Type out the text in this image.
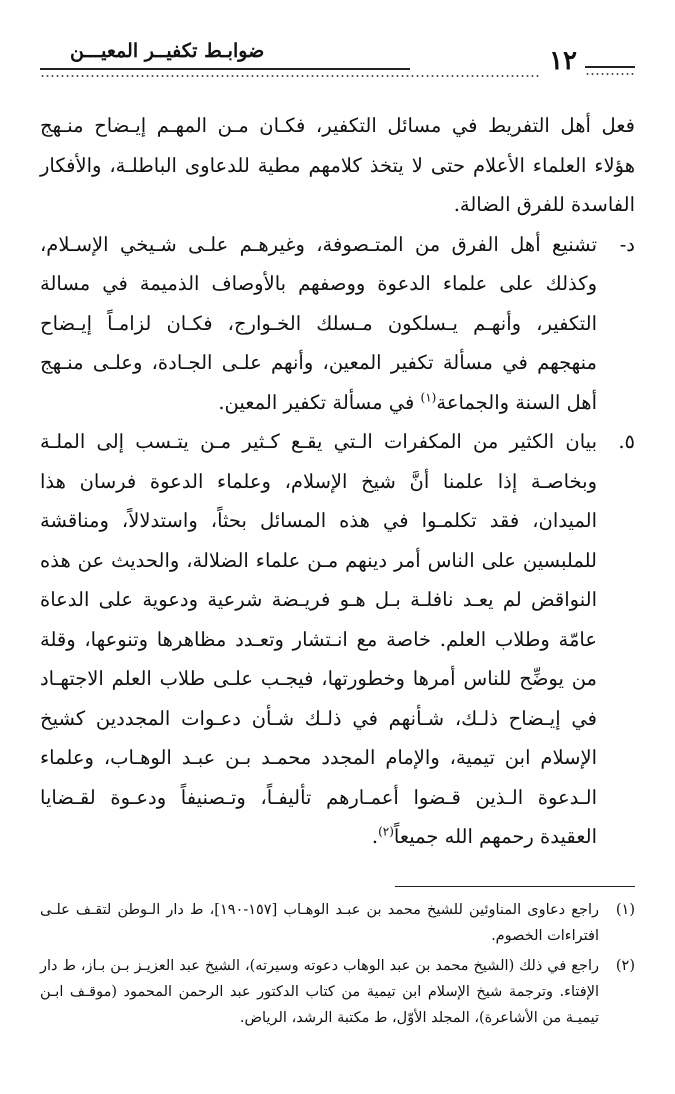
١٢
ضوابـط تكفيــر المعيـــن

فعل أهل التفريط في مسائل التكفير، فكـان مـن المهـم إيـضاح منـهج هؤلاء العلماء الأعلام حتى لا يتخذ كلامهم مطية للدعاوى الباطلـة، والأفكار الفاسدة للفرق الضالة.

د-
تشنيع أهل الفرق من المتـصوفة، وغيرهـم علـى شـيخي الإسـلام، وكذلك على علماء الدعوة ووصفهم بالأوصاف الذميمة في مسالة التكفير، وأنهـم يـسلكون مـسلك الخـوارج، فكـان لزامـاً إيـضاح منهجهم في مسألة تكفير المعين، وأنهم علـى الجـادة، وعلـى منـهج أهل السنة والجماعة$^{(١)}$ في مسألة تكفير المعين.
٥.
بيان الكثير من المكفرات الـتي يقـع كـثير مـن يتـسب إلى الملـة وبخاصـة إذا علمنا أنَّ شيخ الإسلام، وعلماء الدعوة فرسان هذا الميدان، فقد تكلمـوا في هذه المسائل بحثاً، واستدلالاً، ومناقشة للملبسين على الناس أمر دينهم مـن علماء الضلالة، والحديث عن هذه النواقض لم يعـد نافلـة بـل هـو فريـضة شرعية ودعوية على الدعاة عامّة وطلاب العلم. خاصة مع انـتشار وتعـدد مظاهرها وتنوعها، وقلة من يوضِّح للناس أمرها وخطورتها، فيجـب علـى طلاب العلم الاجتهـاد في إيـضاح ذلـك، شـأنهم في ذلـك شـأن دعـوات المجددين كشيخ الإسلام ابن تيمية، والإمام المجدد محمـد بـن عبـد الوهـاب، وعلماء الـدعوة الـذين قـضوا أعمـارهم تأليفـاً، وتـصنيفاً ودعـوة لقـضايا العقيدة رحمهم الله جميعاً$^{(٢)}$.
(١)
راجع دعاوى المناوئين للشيخ محمد بن عبـد الوهـاب [١٥٧-١٩٠]، ط دار الـوطن لتقـف علـى افتراءات الخصوم.
(٢)
راجع في ذلك (الشيخ محمد بن عبد الوهاب دعوته وسيرته)، الشيخ عبد العزيـز بـن بـاز، ط دار الإفتاء. وترجمة شيخ الإسلام ابن تيمية من كتاب الدكتور عبد الرحمن المحمود (موقـف ابـن تيميـة من الأشاعرة)، المجلد الأوّل، ط مكتبة الرشد، الرياض.
